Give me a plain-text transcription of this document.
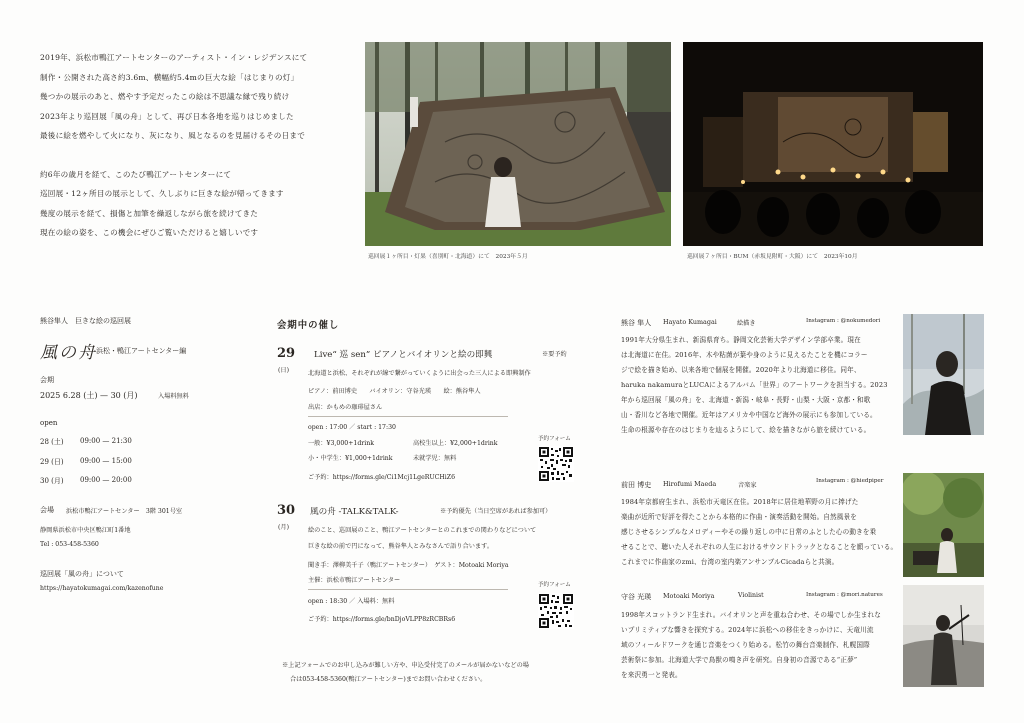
2019年、浜松市鴨江アートセンターのアーティスト・イン・レジデンスにて

制作・公開された高さ約3.6m、横幅約5.4mの巨大な絵「はじまりの灯」

幾つかの展示のあと、燃やす予定だったこの絵は不思議な縁で残り続け

2023年より巡回展「風の舟」として、再び日本各地を巡りはじめました

最後に絵を燃やして火になり、灰になり、風となるのを見届けるその日まで

約6年の歳月を経て、このたび鴨江アートセンターにて

巡回展・12ヶ所目の展示として、久しぶりに巨きな絵が帰ってきます

幾度の展示を経て、損傷と加筆を繰返しながら旅を続けてきた

現在の絵の姿を、この機会にぜひご覧いただけると嬉しいです

巡回展１ヶ所目・灯果（喜別町・北海道）にて　2023年５月	巡回展７ヶ所目・BUM（赤坂見附町・大阪）にて　2023年10月
熊谷隼人　巨きな絵の巡回展
風の舟 浜松・鴨江アートセンター編
会期
2025 6.28 (土) — 30 (月)	入場料無料
open
28 (土) 09:00 — 21:30
29 (日) 09:00 — 15:00
30 (月) 09:00 — 20:00
会場 浜松市鴨江アートセンター　3階 301号室
静岡県浜松市中央区鴨江町1番地
Tel : 053-458-5360
巡回展「風の舟」について
https://hayatokumagai.com/kazenofune
会期中の催し
29
(日)
Live“ 巡 sen” ピアノとバイオリンと絵の即興	※要予約
北海道と浜松、それぞれが線で繋がっていくように出会った三人による即興制作
ピアノ：前田博史　　バイオリン：守谷光瑛　　絵：熊谷隼人
出店：かもめの珈琲屋さん
open : 17:00 ／ start : 17:30
一般：¥3,000+1drink	高校生以上：¥2,000+1drink
小・中学生：¥1,000+1drink	未就学児：無料
ご予約：https://forms.gle/Ci1Mcj1LgeRUCHiZ6
予約フォーム
30
(月)
風の舟 -TALK&TALK-	※予約優先（当日空席があれば参加可）
絵のこと、巡回展のこと、鴨江アートセンターとのこれまでの関わりなどについて
巨きな絵の前で円になって、熊谷隼人とみなさんで語り合います。
聞き手：澤柳美千子（鴨江アートセンター）　ゲスト：Motoaki Moriya
主催：浜松市鴨江アートセンター
open : 18:30 ／ 入場料：無料
ご予約：https://forms.gle/bnDjoVLPP8zRCBRs6
予約フォーム
※上記フォームでのお申し込みが難しい方や、申込受付完了のメールが届かないなどの場
合は053-458-5360(鴨江アートセンター)までお問い合わせください。
熊谷 隼人 Hayato Kumagai	絵描き	Instagram : @nokumedori

1991年大分県生まれ、新潟県育ち。静岡文化芸術大学デザイン学部卒業。現在

は北海道に在住。2016年、木や粘菌が葉や身のように見えるたことを機にコラー

ジで絵を描き始め、以来各地で個展を開催。2020年より北海道に移住。同年、

haruka nakamuraとLUCAによるアルバム「世界」のアートワークを担当する。2023

年から巡回展「風の舟」を、北海道・新潟・岐阜・長野・山梨・大阪・京都・和歌

山・香川など各地で開催。近年はアメリカや中国など海外の展示にも参加している。

生命の根源や存在のはじまりを辿るようにして、絵を描きながら旅を続けている。

前田 博史 Hirofumi Maeda	音楽家
Instagram : @hiedpiper

1984年京都府生まれ、浜松市天竜区在住。2018年に居住地華野の月に捧げた

楽曲が近所で好評を得たことから本格的に作曲・演奏活動を開始。自然風景を

感じさせるシンプルなメロディーやその繰り返しの中に日常のふとした心の動きを乗

せることで、聴いた人それぞれの人生におけるサウンドトラックとなることを願っている。

これまでに作曲家のzmi、台湾の室内楽アンサンブルCicadaらと共演。

守谷 光瑛 Motoaki Moriya	Violinist	Instagram : @mori.natures

1998年スコットランド生まれ。バイオリンと声を重ね合わせ、その場でしか生まれな

いプリミティブな響きを探究する。2024年に浜松への移住をきっかけに、天竜川流

域のフィールドワークを通じ音楽をつくり始める。松竹の舞台音楽制作、札幌国際

芸術祭に参加。北海道大学で鳥獣の鳴き声を研究。自身初の音源である“正夢”

を来沢勇一と発表。
